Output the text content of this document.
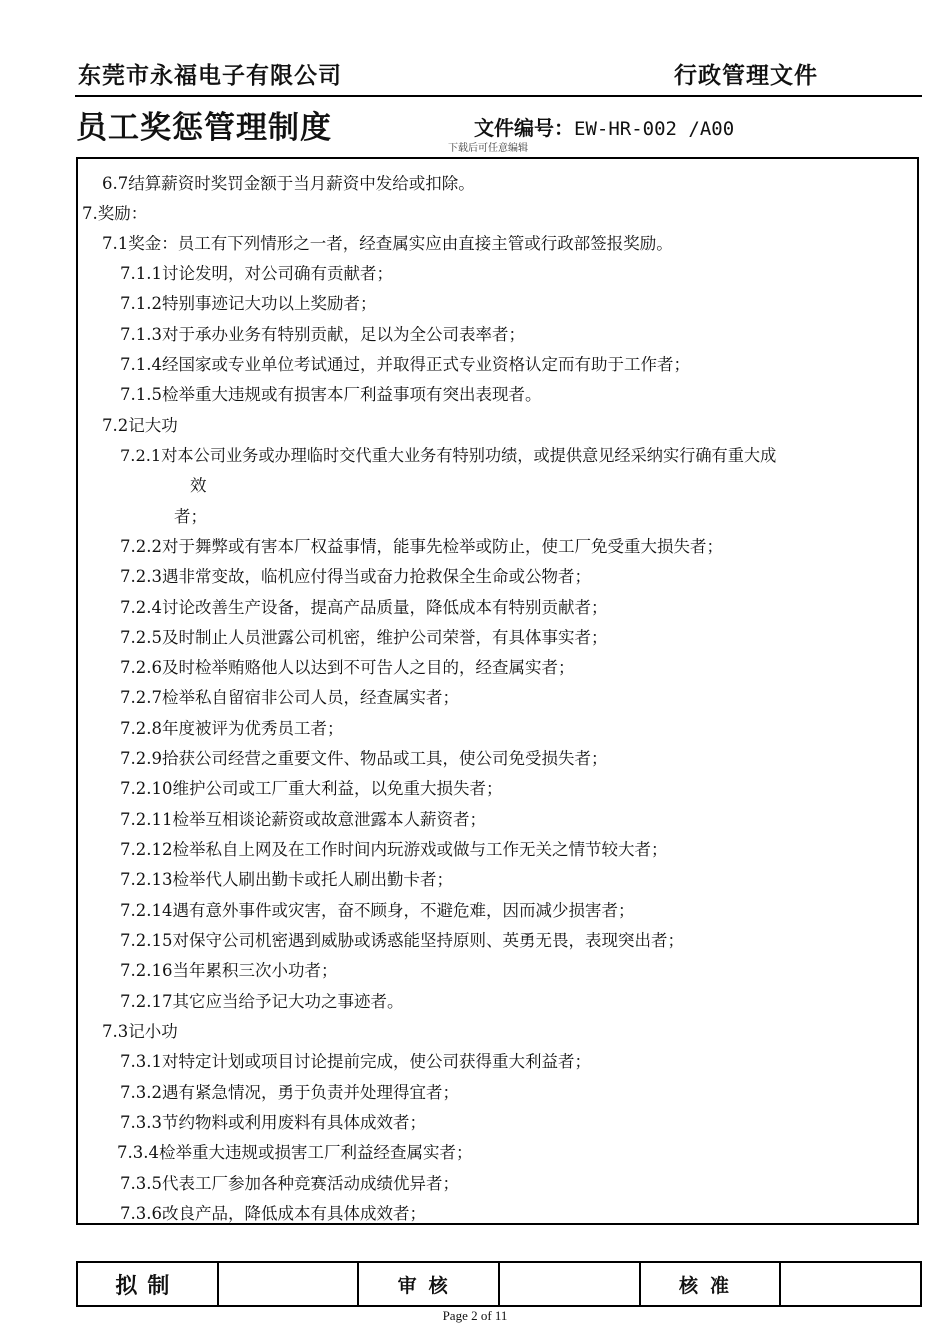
东莞市永福电子有限公司	行政管理文件
员工奖惩管理制度	文件编号：EW-HR-002 /A00
下载后可任意编辑
6.7结算薪资时奖罚金额于当月薪资中发给或扣除。
7.奖励：
7.1奖金：员工有下列情形之一者，经查属实应由直接主管或行政部签报奖励。
7.1.1讨论发明，对公司确有贡献者；
7.1.2特别事迹记大功以上奖励者；
7.1.3对于承办业务有特别贡献，足以为全公司表率者；
7.1.4经国家或专业单位考试通过，并取得正式专业资格认定而有助于工作者；
7.1.5检举重大违规或有损害本厂利益事项有突出表现者。
7.2记大功
7.2.1对本公司业务或办理临时交代重大业务有特别功绩，或提供意见经采纳实行确有重大成
效
者；
7.2.2对于舞弊或有害本厂权益事情，能事先检举或防止，使工厂免受重大损失者；
7.2.3遇非常变故，临机应付得当或奋力抢救保全生命或公物者；
7.2.4讨论改善生产设备，提高产品质量，降低成本有特别贡献者；
7.2.5及时制止人员泄露公司机密，维护公司荣誉，有具体事实者；
7.2.6及时检举贿赂他人以达到不可告人之目的，经查属实者；
7.2.7检举私自留宿非公司人员，经查属实者；
7.2.8年度被评为优秀员工者；
7.2.9拾获公司经营之重要文件、物品或工具，使公司免受损失者；
7.2.10维护公司或工厂重大利益，以免重大损失者；
7.2.11检举互相谈论薪资或故意泄露本人薪资者；
7.2.12检举私自上网及在工作时间内玩游戏或做与工作无关之情节较大者；
7.2.13检举代人刷出勤卡或托人刷出勤卡者；
7.2.14遇有意外事件或灾害，奋不顾身，不避危难，因而减少损害者；
7.2.15对保守公司机密遇到威胁或诱惑能坚持原则、英勇无畏，表现突出者；
7.2.16当年累积三次小功者；
7.2.17其它应当给予记大功之事迹者。
7.3记小功
7.3.1对特定计划或项目讨论提前完成，使公司获得重大利益者；
7.3.2遇有紧急情况，勇于负责并处理得宜者；
7.3.3节约物料或利用废料有具体成效者；
7.3.4检举重大违规或损害工厂利益经查属实者；
7.3.5代表工厂参加各种竞赛活动成绩优异者；
7.3.6改良产品，降低成本有具体成效者；
拟制		审核		核准	
Page 2 of 11
